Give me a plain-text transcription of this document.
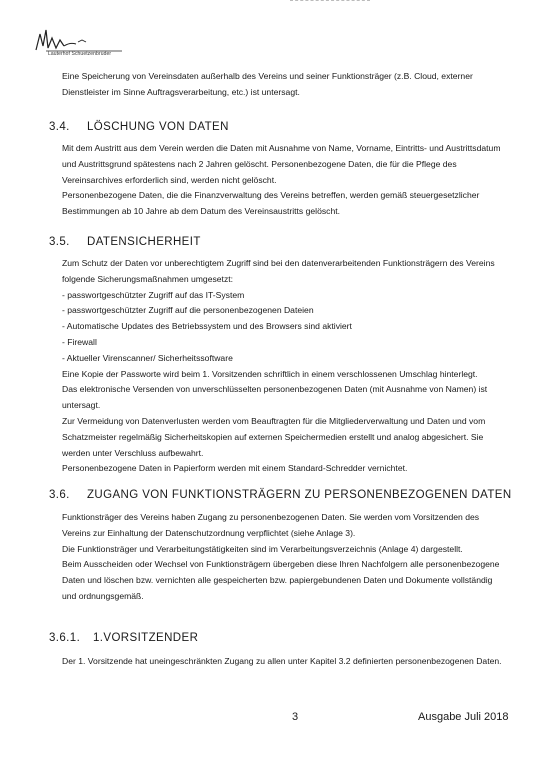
Lauterhof Schuetzenbrüder
Eine Speicherung von Vereinsdaten außerhalb des Vereins und seiner Funktionsträger (z.B. Cloud, externer Dienstleister im Sinne Auftragsverarbeitung, etc.) ist untersagt.
3.4. LÖSCHUNG VON DATEN

Mit dem Austritt aus dem Verein werden die Daten mit Ausnahme von Name, Vorname, Eintritts- und Austrittsdatum und Austrittsgrund spätestens nach 2 Jahren gelöscht. Personenbezogene Daten, die für die Pflege des Vereinsarchives erforderlich sind, werden nicht gelöscht.

Personenbezogene Daten, die die Finanzverwaltung des Vereins betreffen, werden gemäß steuergesetzlicher Bestimmungen ab 10 Jahre ab dem Datum des Vereinsaustritts gelöscht.

3.5. DATENSICHERHEIT

Zum Schutz der Daten vor unberechtigtem Zugriff sind bei den datenverarbeitenden Funktionsträgern des Vereins folgende Sicherungsmaßnahmen umgesetzt:

- passwortgeschützter Zugriff auf das IT-System

- passwortgeschützter Zugriff auf die personenbezogenen Dateien

- Automatische Updates des Betriebssystem und des Browsers sind aktiviert

- Firewall

- Aktueller Virenscanner/ Sicherheitssoftware

Eine Kopie der Passworte wird beim 1. Vorsitzenden schriftlich in einem verschlossenen Umschlag hinterlegt.

Das elektronische Versenden von unverschlüsselten personenbezogenen Daten (mit Ausnahme von Namen) ist untersagt.

Zur Vermeidung von Datenverlusten werden vom Beauftragten für die Mitgliederverwaltung und Daten und vom Schatzmeister regelmäßig Sicherheitskopien auf externen Speichermedien erstellt und analog abgesichert. Sie werden unter Verschluss aufbewahrt.

Personenbezogene Daten in Papierform werden mit einem Standard-Schredder vernichtet.

3.6. ZUGANG VON FUNKTIONSTRÄGERN ZU PERSONENBEZOGENEN DATEN

Funktionsträger des Vereins haben Zugang zu personenbezogenen Daten. Sie werden vom Vorsitzenden des Vereins zur Einhaltung der Datenschutzordnung verpflichtet (siehe Anlage 3).

Die Funktionsträger und Verarbeitungstätigkeiten sind im Verarbeitungsverzeichnis (Anlage 4) dargestellt.

Beim Ausscheiden oder Wechsel von Funktionsträgern übergeben diese Ihren Nachfolgern alle personenbezogene Daten und löschen bzw. vernichten alle gespeicherten bzw. papiergebundenen Daten und Dokumente vollständig und ordnungsgemäß.

3.6.1. 1.VORSITZENDER
Der 1. Vorsitzende hat uneingeschränkten Zugang zu allen unter Kapitel 3.2 definierten personenbezogenen Daten.
3	Ausgabe Juli 2018
